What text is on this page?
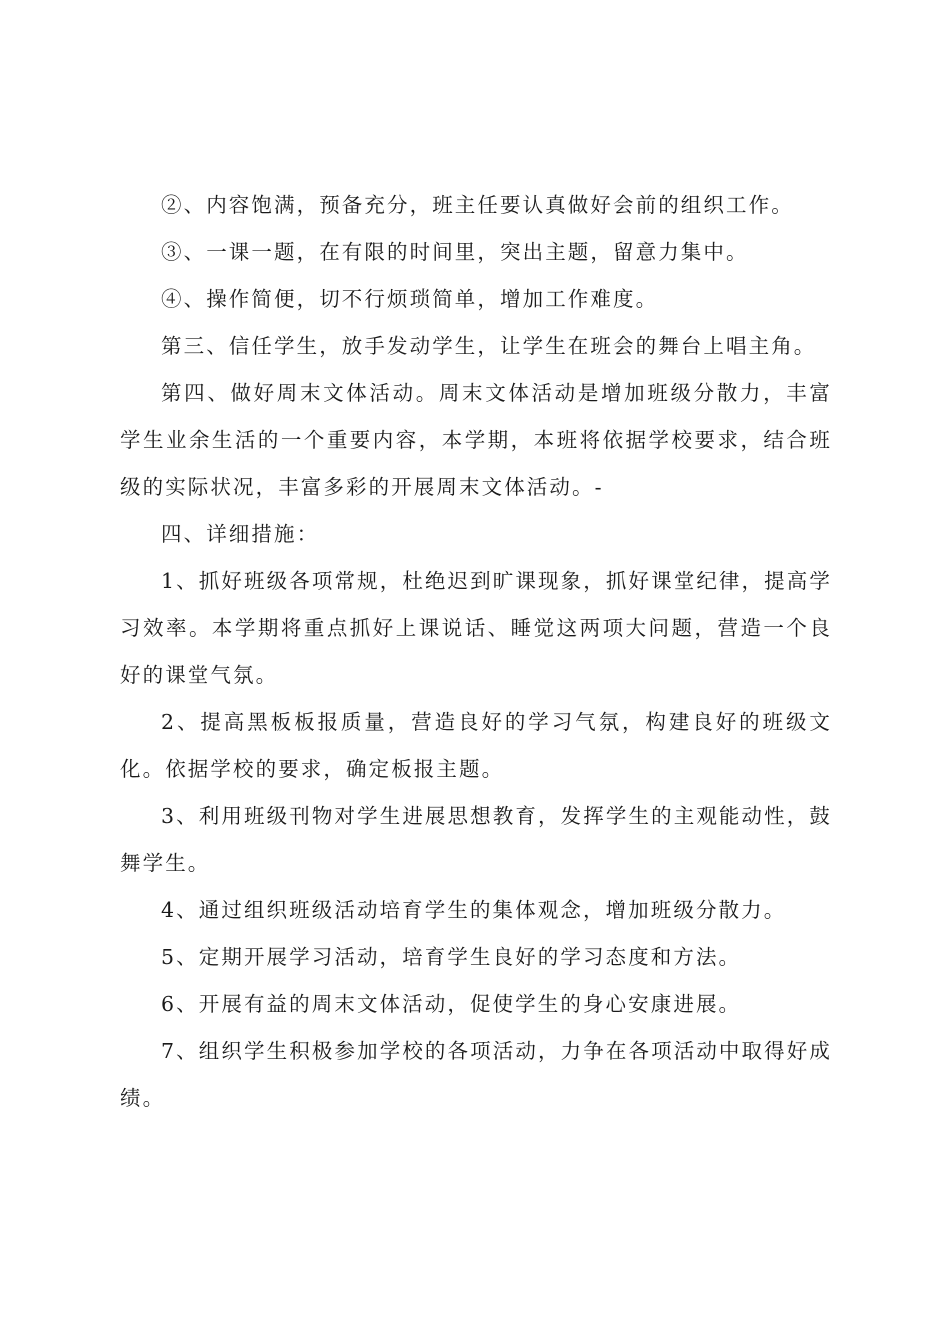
②、内容饱满，预备充分，班主任要认真做好会前的组织工作。

③、一课一题，在有限的时间里，突出主题，留意力集中。

④、操作简便，切不行烦琐简单，增加工作难度。

第三、信任学生，放手发动学生，让学生在班会的舞台上唱主角。

第四、做好周末文体活动。周末文体活动是增加班级分散力，丰富学生业余生活的一个重要内容，本学期，本班将依据学校要求，结合班级的实际状况，丰富多彩的开展周末文体活动。-

四、详细措施：

1、抓好班级各项常规，杜绝迟到旷课现象，抓好课堂纪律，提高学习效率。本学期将重点抓好上课说话、睡觉这两项大问题，营造一个良好的课堂气氛。

2、提高黑板板报质量，营造良好的学习气氛，构建良好的班级文化。依据学校的要求，确定板报主题。

3、利用班级刊物对学生进展思想教育，发挥学生的主观能动性，鼓舞学生。

4、通过组织班级活动培育学生的集体观念，增加班级分散力。

5、定期开展学习活动，培育学生良好的学习态度和方法。

6、开展有益的周末文体活动，促使学生的身心安康进展。

7、组织学生积极参加学校的各项活动，力争在各项活动中取得好成绩。
